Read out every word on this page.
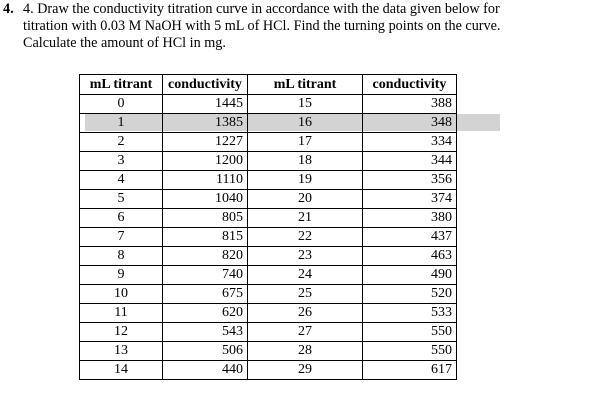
4. 4. Draw the conductivity titration curve in accordance with the data given below for
titration with 0.03 M NaOH with 5 mL of HCl. Find the turning points on the curve.
Calculate the amount of HCl in mg.
mL titrant	conductivity	mL titrant	conductivity
0	1445	15	388
1	1385	16	348
2	1227	17	334
3	1200	18	344
4	1110	19	356
5	1040	20	374
6	805	21	380
7	815	22	437
8	820	23	463
9	740	24	490
10	675	25	520
11	620	26	533
12	543	27	550
13	506	28	550
14	440	29	617
